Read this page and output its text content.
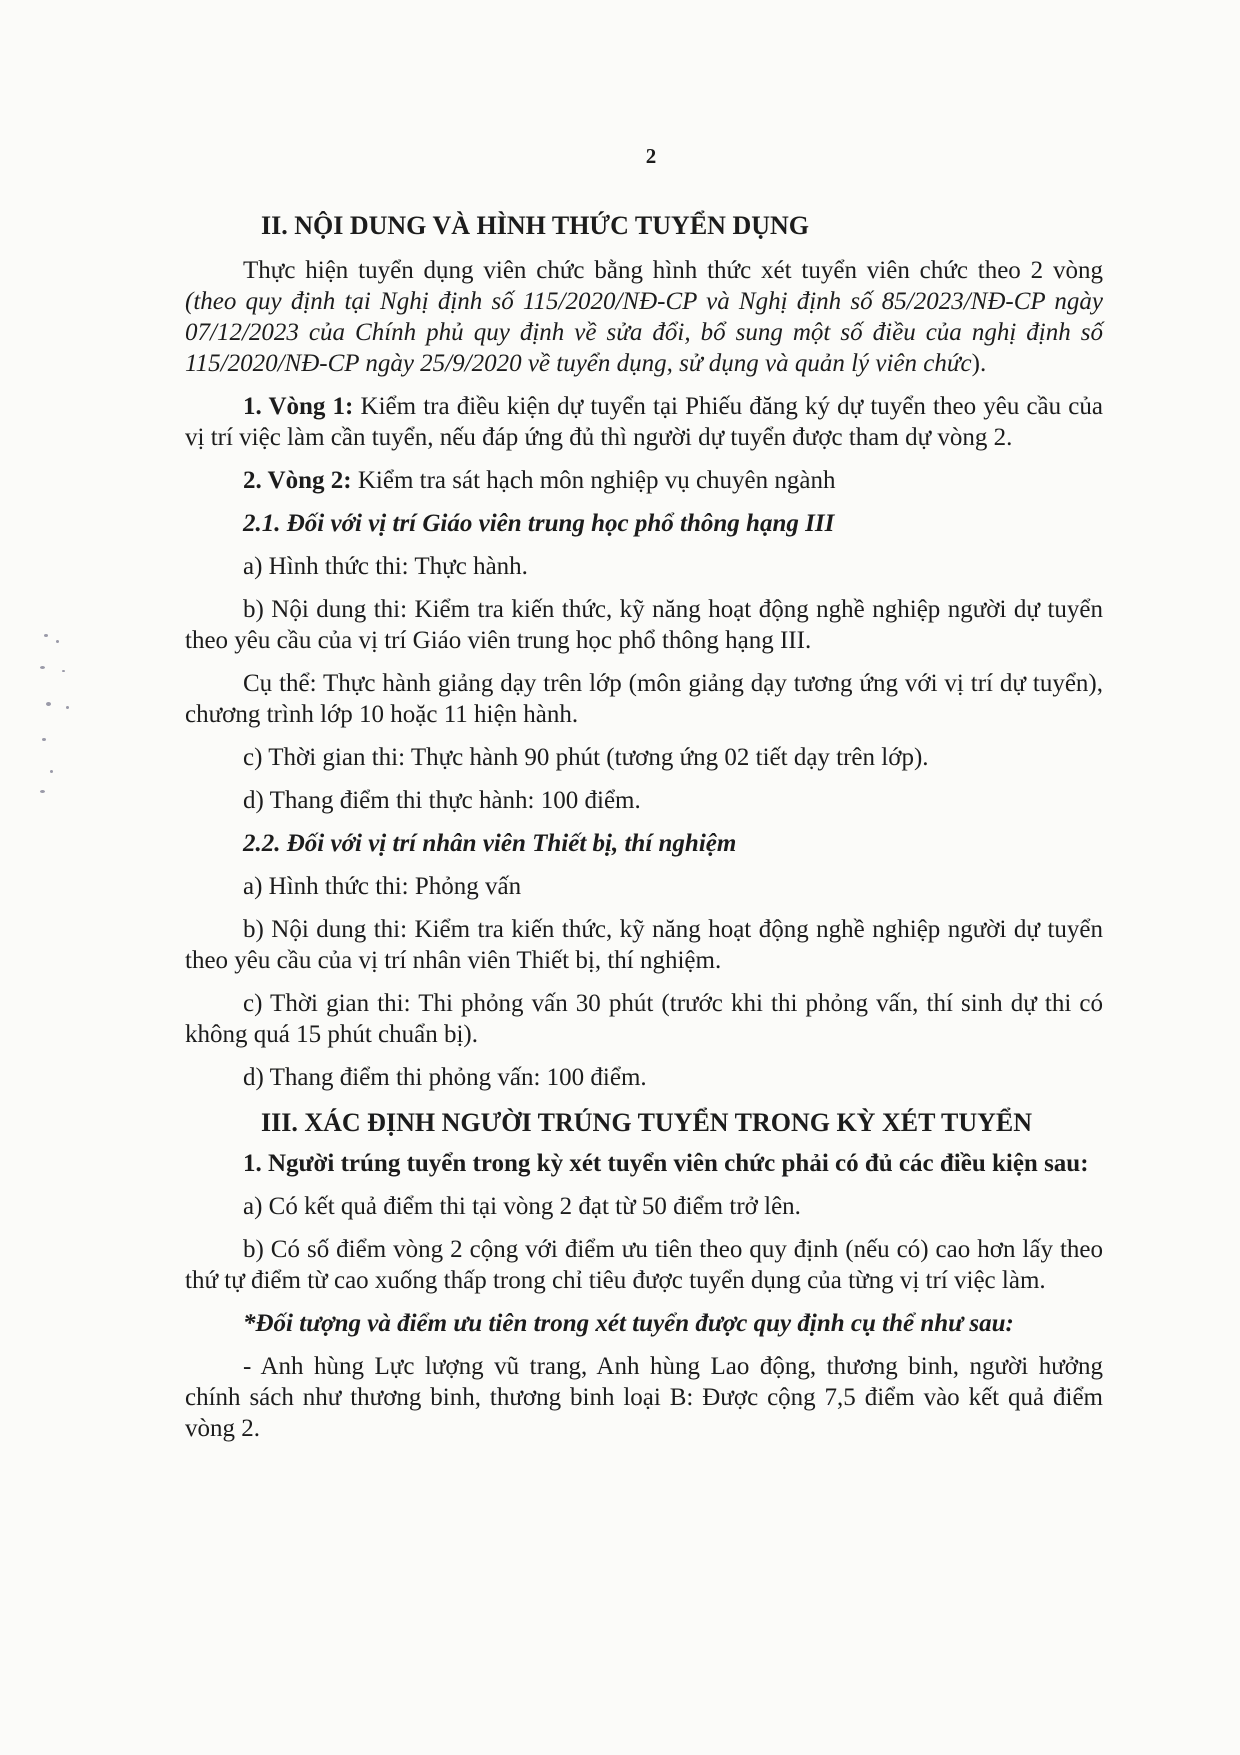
2

II. NỘI DUNG VÀ HÌNH THỨC TUYỂN DỤNG

Thực hiện tuyển dụng viên chức bằng hình thức xét tuyển viên chức theo 2 vòng (theo quy định tại Nghị định số 115/2020/NĐ-CP và Nghị định số 85/2023/NĐ-CP ngày 07/12/2023 của Chính phủ quy định về sửa đổi, bổ sung một số điều của nghị định số 115/2020/NĐ-CP ngày 25/9/2020 về tuyển dụng, sử dụng và quản lý viên chức).

1. Vòng 1: Kiểm tra điều kiện dự tuyển tại Phiếu đăng ký dự tuyển theo yêu cầu của vị trí việc làm cần tuyển, nếu đáp ứng đủ thì người dự tuyển được tham dự vòng 2.

2. Vòng 2: Kiểm tra sát hạch môn nghiệp vụ chuyên ngành

2.1. Đối với vị trí Giáo viên trung học phổ thông hạng III

a) Hình thức thi: Thực hành.

b) Nội dung thi: Kiểm tra kiến thức, kỹ năng hoạt động nghề nghiệp người dự tuyển theo yêu cầu của vị trí Giáo viên trung học phổ thông hạng III.

Cụ thể: Thực hành giảng dạy trên lớp (môn giảng dạy tương ứng với vị trí dự tuyển), chương trình lớp 10 hoặc 11 hiện hành.

c) Thời gian thi: Thực hành 90 phút (tương ứng 02 tiết dạy trên lớp).

d) Thang điểm thi thực hành: 100 điểm.

2.2. Đối với vị trí nhân viên Thiết bị, thí nghiệm

a) Hình thức thi: Phỏng vấn

b) Nội dung thi: Kiểm tra kiến thức, kỹ năng hoạt động nghề nghiệp người dự tuyển theo yêu cầu của vị trí nhân viên Thiết bị, thí nghiệm.

c) Thời gian thi: Thi phỏng vấn 30 phút (trước khi thi phỏng vấn, thí sinh dự thi có không quá 15 phút chuẩn bị).

d) Thang điểm thi phỏng vấn: 100 điểm.

III. XÁC ĐỊNH NGƯỜI TRÚNG TUYỂN TRONG KỲ XÉT TUYỂN

1. Người trúng tuyển trong kỳ xét tuyển viên chức phải có đủ các điều kiện sau:

a) Có kết quả điểm thi tại vòng 2 đạt từ 50 điểm trở lên.

b) Có số điểm vòng 2 cộng với điểm ưu tiên theo quy định (nếu có) cao hơn lấy theo thứ tự điểm từ cao xuống thấp trong chỉ tiêu được tuyển dụng của từng vị trí việc làm.

*Đối tượng và điểm ưu tiên trong xét tuyển được quy định cụ thể như sau:

- Anh hùng Lực lượng vũ trang, Anh hùng Lao động, thương binh, người hưởng chính sách như thương binh, thương binh loại B: Được cộng 7,5 điểm vào kết quả điểm vòng 2.
